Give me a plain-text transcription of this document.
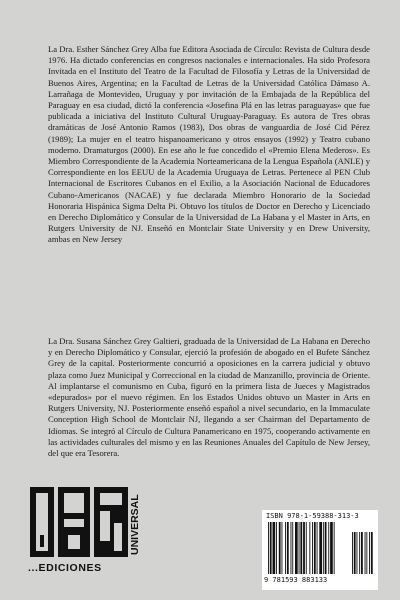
La Dra. Esther Sánchez Grey Alba fue Editora Asociada de Círculo: Revista de Cultura desde 1976. Ha dictado conferencias en congresos nacionales e internacionales. Ha sido Profesora Invitada en el Instituto del Teatro de la Facultad de Filosofía y Letras de la Universidad de Buenos Aires, Argentina; en la Facultad de Letras de la Universidad Católica Dámaso A. Larrañaga de Montevideo, Uruguay y por invitación de la Embajada de la República del Paraguay en esa ciudad, dictó la conferencia «Josefina Plá en las letras paraguayas» que fue publicada a iniciativa del Instituto Cultural Uruguay-Paraguay. Es autora de Tres obras dramáticas de José Antonio Ramos (1983), Dos obras de vanguardia de José Cid Pérez (1989); La mujer en el teatro hispanoamericano y otros ensayos (1992) y Teatro cubano moderno. Dramaturgos (2000). En ese año le fue concedido el «Premio Elena Mederos». Es Miembro Correspondiente de la Academia Norteamericana de la Lengua Española (ANLE) y Correspondiente en los EEUU de la Academia Uruguaya de Letras. Pertenece al PEN Club Internacional de Escritores Cubanos en el Exilio, a la Asociación Nacional de Educadores Cubano-Americanos (NACAE) y fue declarada Miembro Honorario de la Sociedad Honoraria Hispánica Sigma Delta Pi. Obtuvo los títulos de Doctor en Derecho y Licenciado en Derecho Diplomático y Consular de la Universidad de La Habana y el Master in Arts, en Rutgers University de NJ. Enseñó en Montclair State University y en Drew University, ambas en New Jersey

La Dra. Susana Sánchez Grey Galtieri, graduada de la Universidad de La Habana en Derecho y en Derecho Diplomático y Consular, ejerció la profesión de abogado en el Bufete Sánchez Grey de la capital. Posteriormente concurrió a oposiciones en la carrera judicial y obtuvo plaza como Juez Municipal y Correccional en la ciudad de Manzanillo, provincia de Oriente. Al implantarse el comunismo en Cuba, figuró en la primera lista de Jueces y Magistrados «depurados» por el nuevo régimen. En los Estados Unidos obtuvo un Master in Arts en Rutgers University, NJ. Posteriormente enseñó español a nivel secundario, en la Immaculate Conception High School de Montclair NJ, llegando a ser Chairman del Departamento de Idiomas. Se integró al Círculo de Cultura Panamericano en 1975, cooperando activamente en las actividades culturales del mismo y en las Reuniones Anuales del Capítulo de New Jersey, del que era Tesorera.

UNIVERSAL
...EDICIONES
ISBN 978-1-59388-313-3
9 781593 883133
